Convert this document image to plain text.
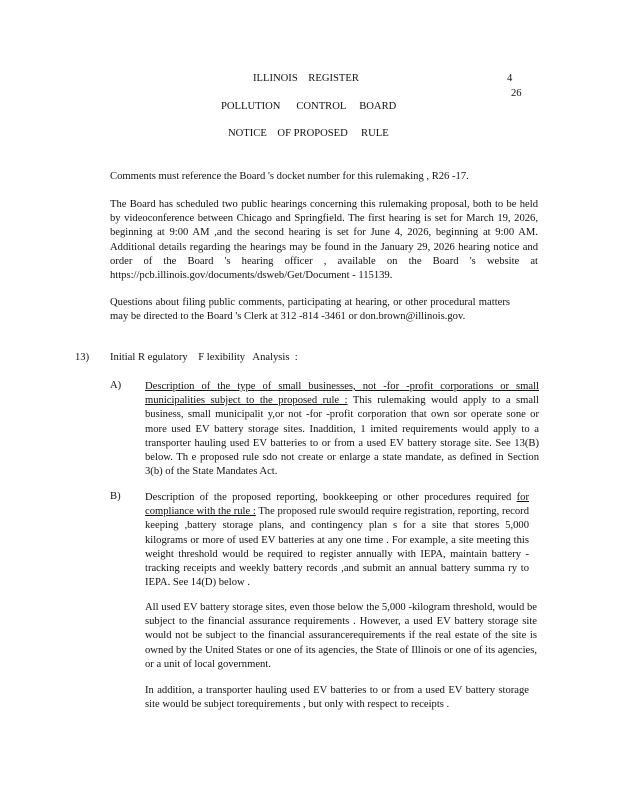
ILLINOIS    REGISTER	4
26
POLLUTION      CONTROL     BOARD
NOTICE    OF PROPOSED     RULE
Comments must reference the Board 's docket number for this rulemaking , R26 -17.
The Board has scheduled two public hearings concerning this rulemaking proposal, both to be held by videoconference between Chicago and Springfield. The first hearing is set for March 19, 2026, beginning at 9:00 AM ,and the second hearing is set for June 4, 2026, beginning at 9:00 AM. Additional details regarding the hearings may be found in the January 29, 2026 hearing notice and order of the Board 's hearing officer , available on the Board 's website at https://pcb.illinois.gov/documents/dsweb/Get/Document - 115139.
Questions about filing public comments, participating at hearing, or other procedural matters may be directed to the Board 's Clerk at 312 -814 -3461 or don.brown@illinois.gov.
13) Initial R egulatory    F lexibility   Analysis  :
A) Description of the type of small businesses, not -for -profit corporations or small municipalities subject to the proposed rule : This rulemaking would apply to a small business, small municipalit y,or not -for -profit corporation that own sor operate sone or more used EV battery storage sites. Inaddition, 1 imited requirements would apply to a transporter hauling used EV batteries to or from a used EV battery storage site. See 13(B) below. Th e proposed rule sdo not create or enlarge a state mandate, as defined in Section 3(b) of the State Mandates Act.
B) Description of the proposed reporting, bookkeeping or other procedures required for compliance with the rule : The proposed rule swould require registration, reporting, record keeping ,battery storage plans, and contingency plan s for a site that stores 5,000 kilograms or more of used EV batteries at any one time . For example, a site meeting this weight threshold would be required to register annually with IEPA, maintain battery - tracking receipts and weekly battery records ,and submit an annual battery summa ry to IEPA. See 14(D) below .
All used EV battery storage sites, even those below the 5,000 -kilogram threshold, would be subject to the financial assurance requirements . However, a used EV battery storage site would not be subject to the financial assurancerequirements if the real estate of the site is owned by the United States or one of its agencies, the State of Illinois or one of its agencies, or a unit of local government.
In addition, a transporter hauling used EV batteries to or from a used EV battery storage site would be subject torequirements , but only with respect to receipts .
